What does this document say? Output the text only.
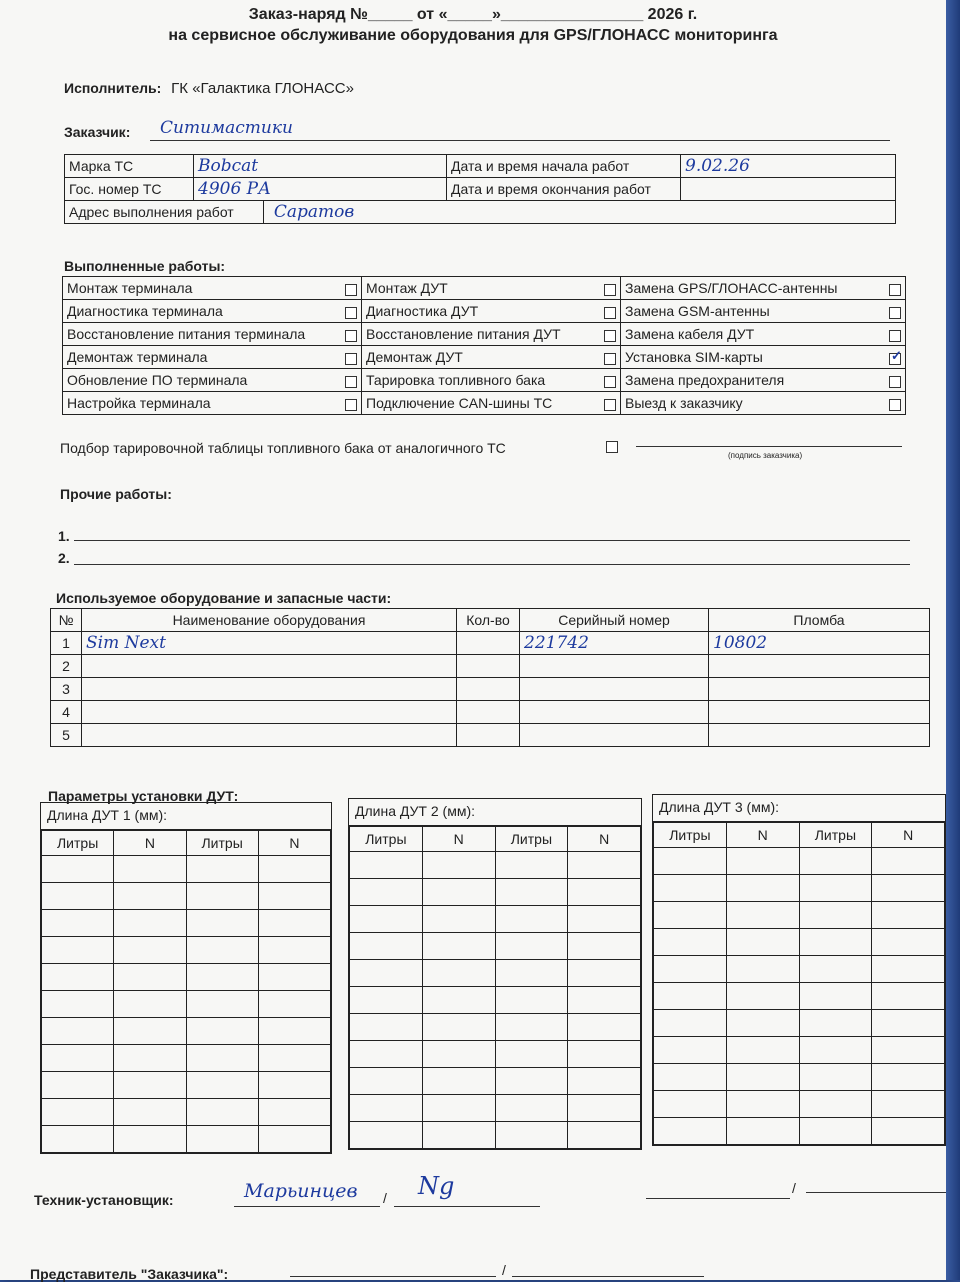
Заказ-наряд №_____ от «_____»________________ 2026 г.
на сервисное обслуживание оборудования для GPS/ГЛОНАСС мониторинга
Исполнитель: ГК «Галактика ГЛОНАСС»
Заказчик: Ситимастики
Марка ТС	Bobcat	Дата и время начала работ	9.02.26
Гос. номер ТС	4906 РА	Дата и время окончания работ	
Адрес выполнения работ Саратов			
Выполненные работы:
Монтаж терминала	Монтаж ДУТ	Замена GPS/ГЛОНАСС-антенны

Диагностика терминала	Диагностика ДУТ	Замена GSM-антенны

Восстановление питания терминала	Восстановление питания ДУТ	Замена кабеля ДУТ

Демонтаж терминала	Демонтаж ДУТ	Установка SIM-карты ✓

Обновление ПО терминала	Тарировка топливного бака	Замена предохранителя

Настройка терминала	Подключение CAN-шины ТС	Выезд к заказчику
Подбор тарировочной таблицы топливного бака от аналогичного ТС	(подпись заказчика)
Прочие работы:
1.
2.
Используемое оборудование и запасные части:
№	Наименование оборудования	Кол-во	Серийный номер	Пломба
1	Sim Next		221742	10802
2				
3				
4				
5				
Параметры установки ДУТ:
Длина ДУТ 1 (мм):
Литры	N	Литры	N

Длина ДУТ 2 (мм):
Литры	N	Литры	N

Длина ДУТ 3 (мм):
Литры	N	Литры	N

Техник-установщик:	Марьинцев / Ng	/
Представитель "Заказчика":	/
